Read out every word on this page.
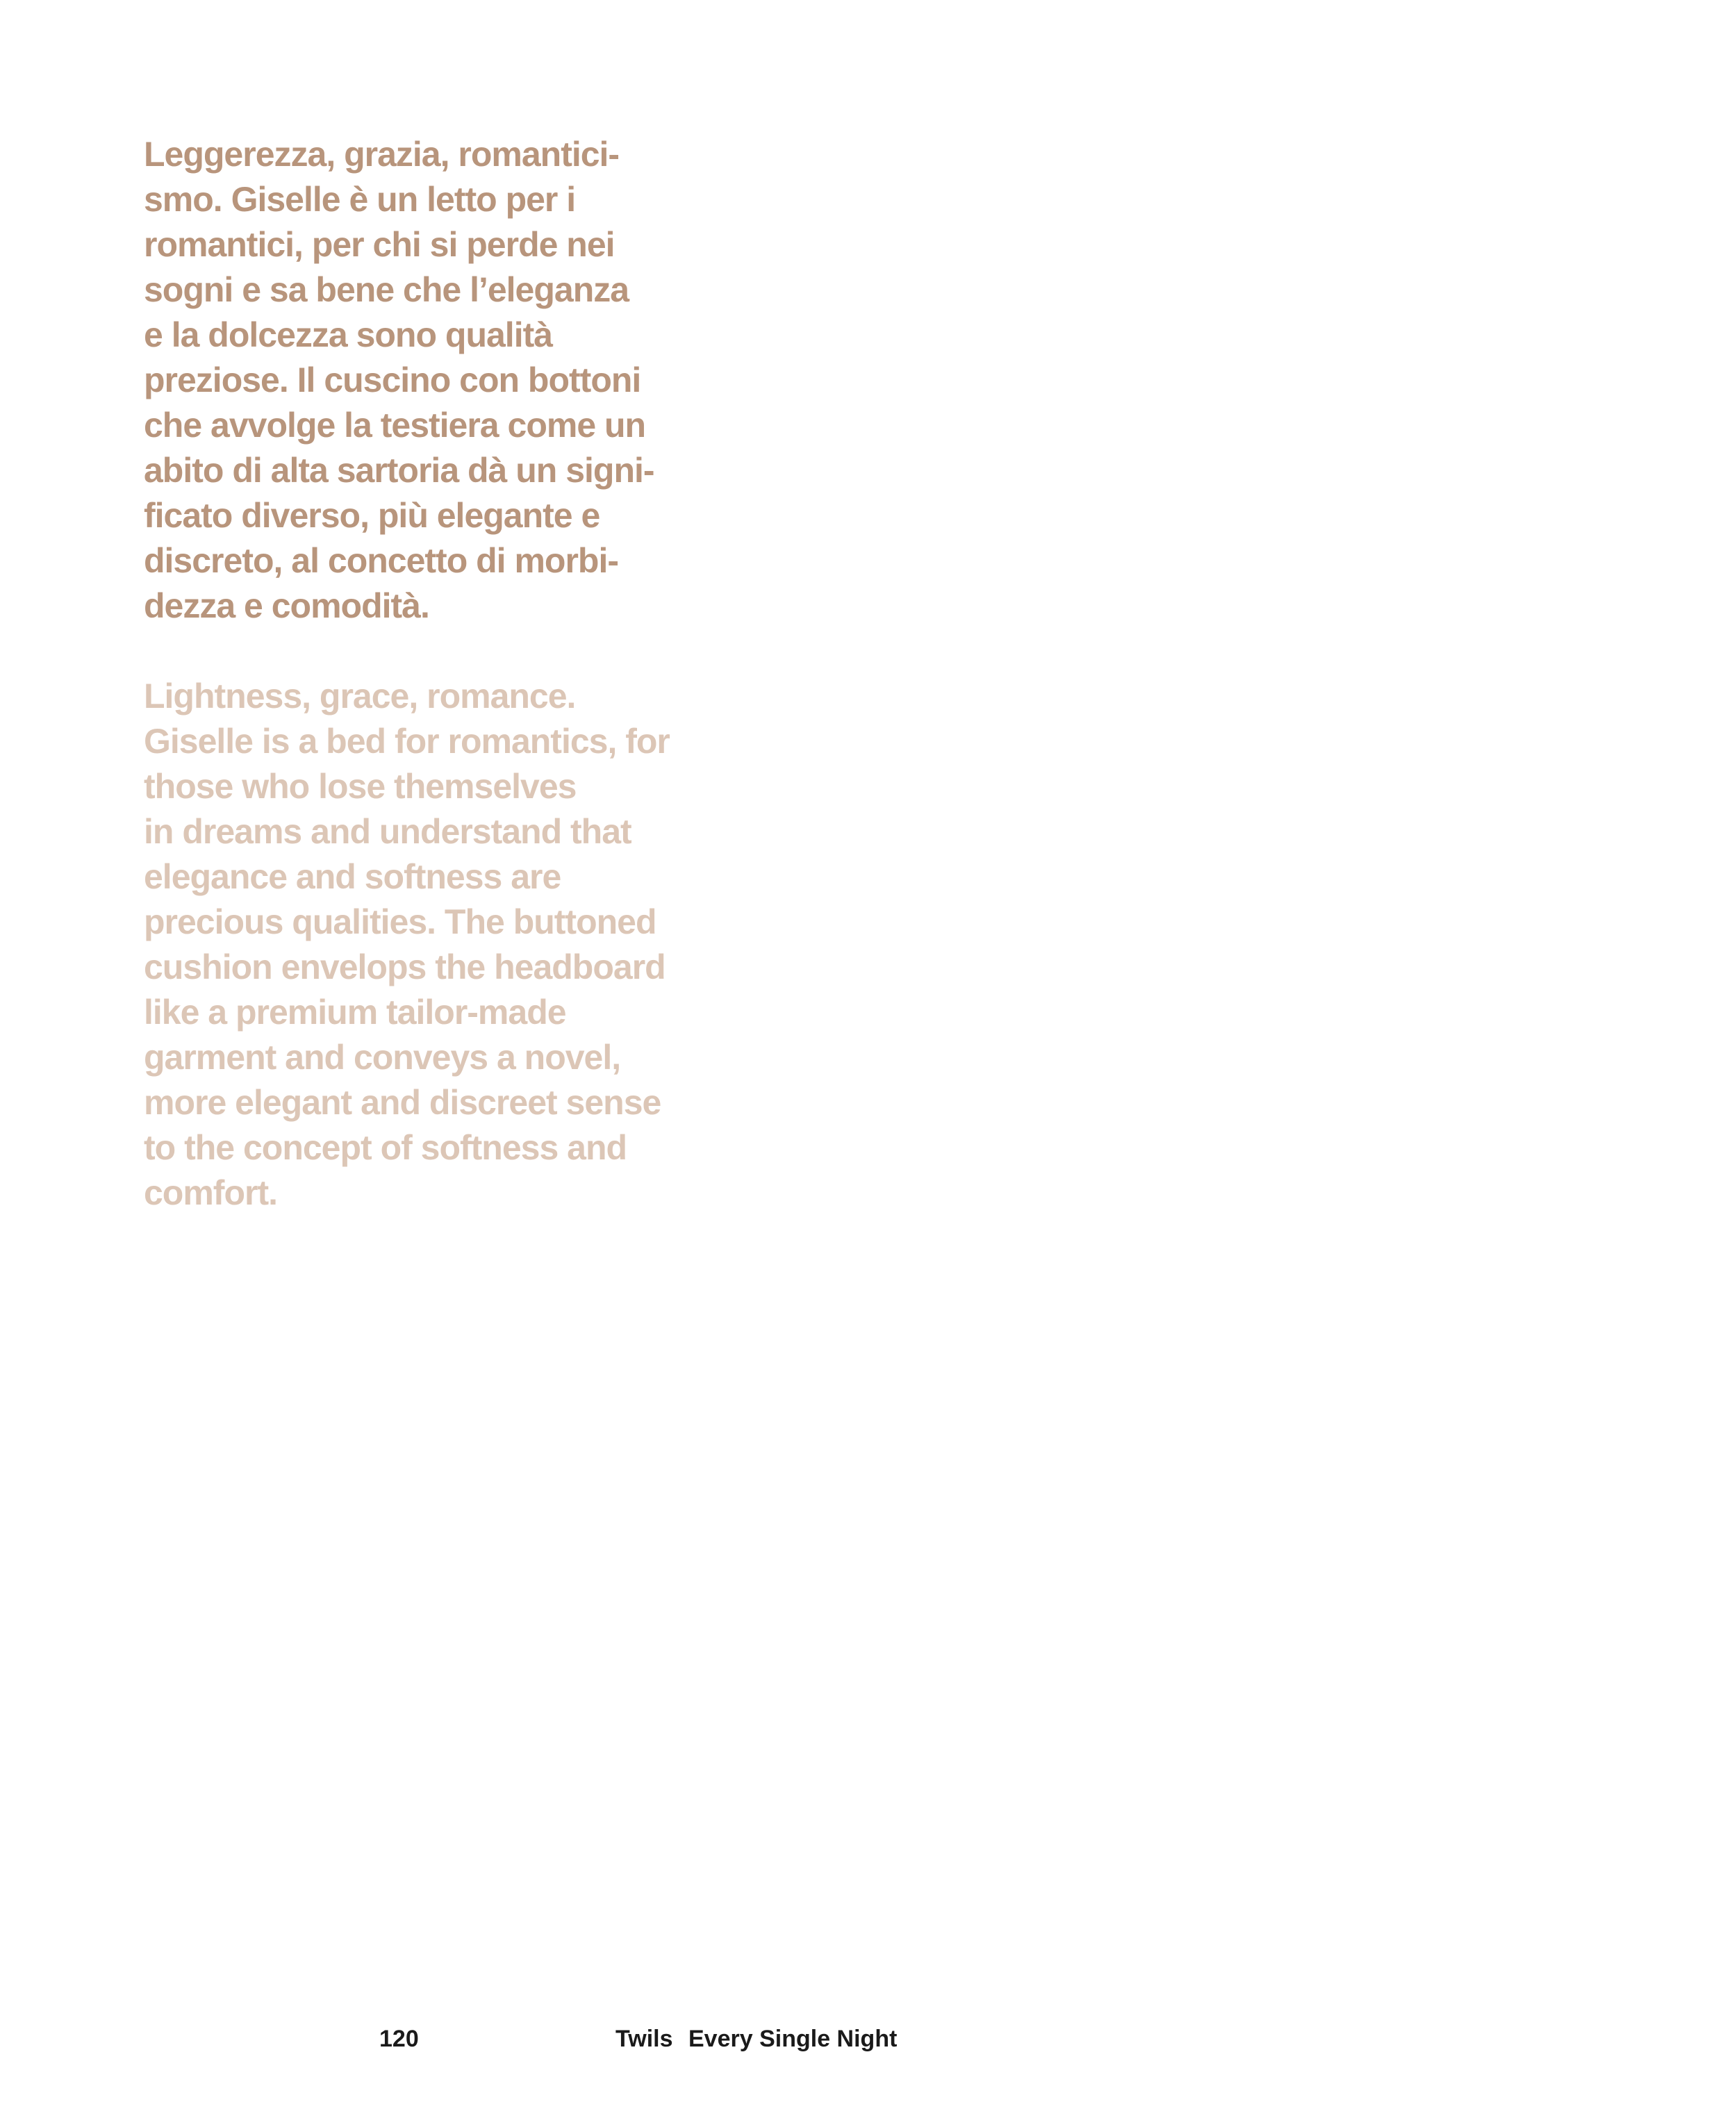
Leggerezza, grazia, romantici-
smo. Giselle è un letto per i
romantici, per chi si perde nei
sogni e sa bene che l’eleganza
e la dolcezza sono qualità
preziose. Il cuscino con bottoni
che avvolge la testiera come un
abito di alta sartoria dà un signi-
ficato diverso, più elegante e
discreto, al concetto di morbi-
dezza e comodità.

Lightness, grace, romance.
Giselle is a bed for romantics, for
those who lose themselves
in dreams and understand that
elegance and softness are
precious qualities. The buttoned
cushion envelops the headboard
like a premium tailor-made
garment and conveys a novel,
more elegant and discreet sense
to the concept of softness and
comfort.

120	Twils Every Single Night
